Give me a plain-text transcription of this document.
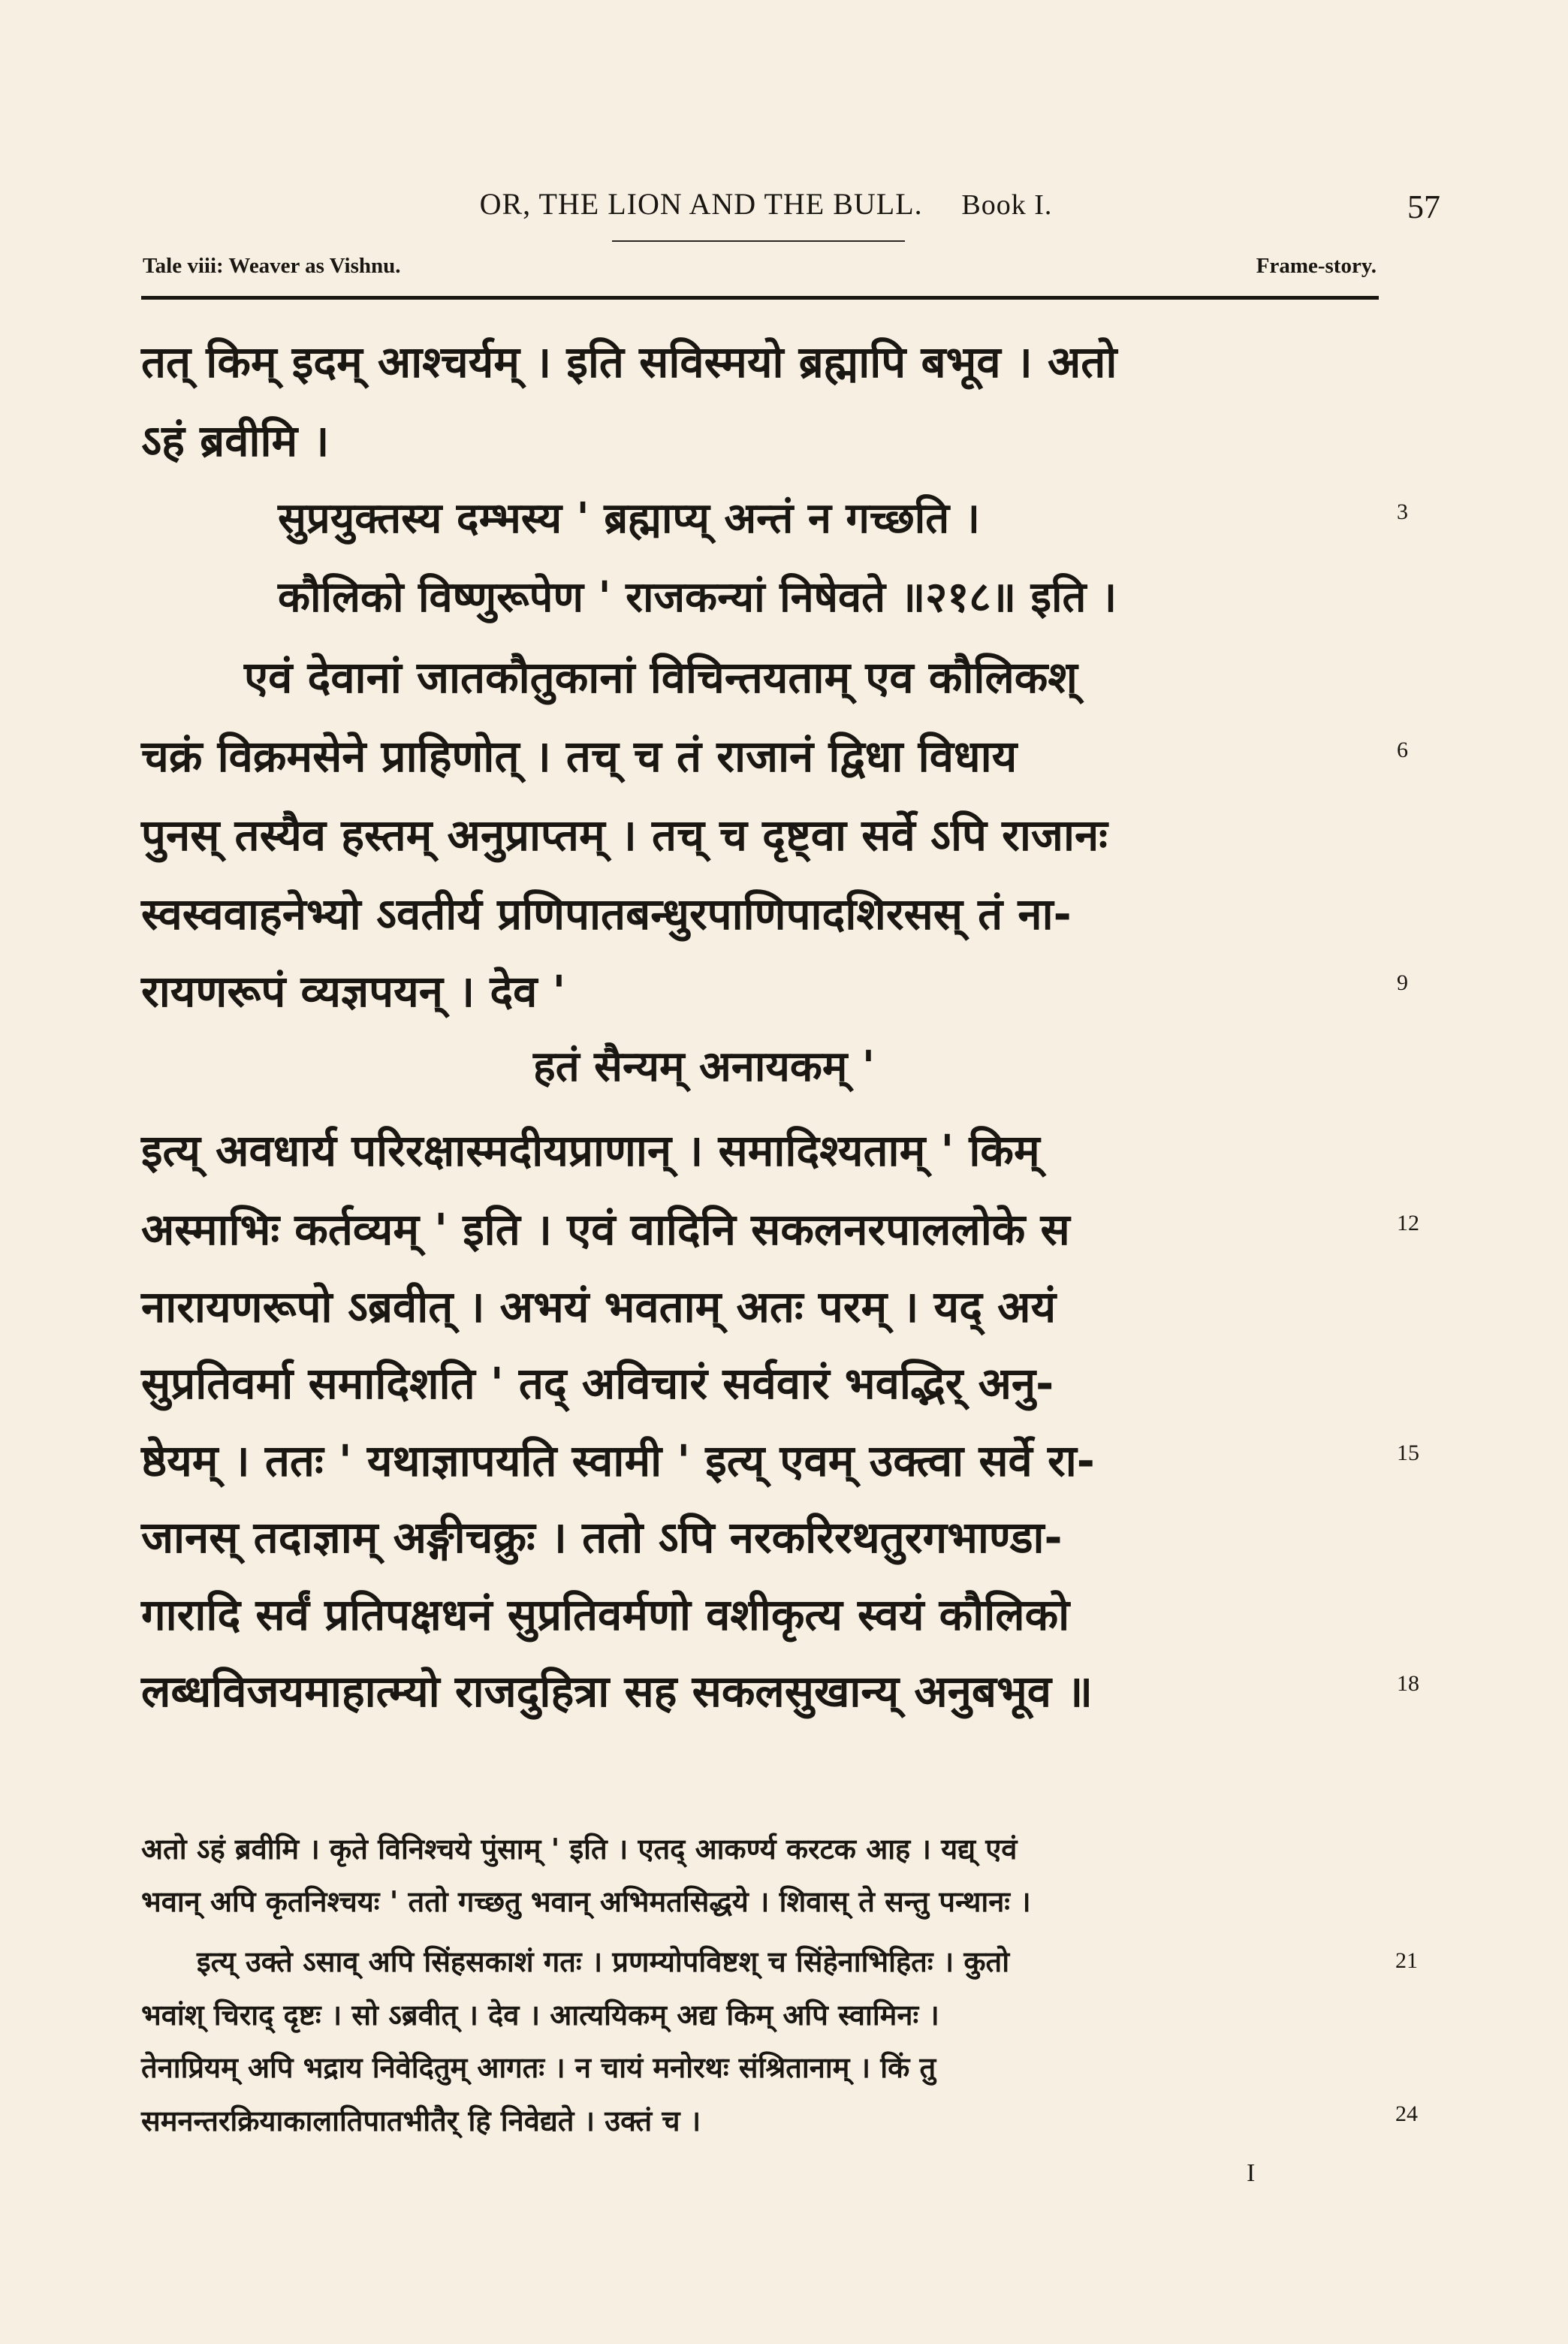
OR, THE LION AND THE BULL. Book I.	57
Tale viii: Weaver as Vishnu.	Frame-story.
तत् किम् इदम् आश्चर्यम् । इति सविस्मयो ब्रह्मापि बभूव । अतो
ऽहं ब्रवीमि ।
सुप्रयुक्तस्य दम्भस्य ' ब्रह्माप्य् अन्तं न गच्छति ।
कौलिको विष्णुरूपेण ' राजकन्यां निषेवते ॥२१८॥ इति ।
एवं देवानां जातकौतुकानां विचिन्तयताम् एव कौलिकश्
चक्रं विक्रमसेने प्राहिणोत् । तच् च तं राजानं द्विधा विधाय
पुनस् तस्यैव हस्तम् अनुप्राप्तम् । तच् च दृष्ट्वा सर्वे ऽपि राजानः
स्वस्ववाहनेभ्यो ऽवतीर्य प्रणिपातबन्धुरपाणिपादशिरसस् तं ना-
रायणरूपं व्यज्ञपयन् । देव '
हतं सैन्यम् अनायकम् '
इत्य् अवधार्य परिरक्षास्मदीयप्राणान् । समादिश्यताम् ' किम्
अस्माभिः कर्तव्यम् ' इति । एवं वादिनि सकलनरपाललोके स
नारायणरूपो ऽब्रवीत् । अभयं भवताम् अतः परम् । यद् अयं
सुप्रतिवर्मा समादिशति ' तद् अविचारं सर्ववारं भवद्भिर् अनु-
ष्ठेयम् । ततः ' यथाज्ञापयति स्वामी ' इत्य् एवम् उक्त्वा सर्वे रा-
जानस् तदाज्ञाम् अङ्गीचक्रुः । ततो ऽपि नरकरिरथतुरगभाण्डा-
गारादि सर्वं प्रतिपक्षधनं सुप्रतिवर्मणो वशीकृत्य स्वयं कौलिको
लब्धविजयमाहात्म्यो राजदुहित्रा सह सकलसुखान्य् अनुबभूव ॥
3
6
9
12
15
18
अतो ऽहं ब्रवीमि । कृते विनिश्चये पुंसाम् ' इति । एतद् आकर्ण्य करटक आह । यद्य् एवं
भवान् अपि कृतनिश्चयः ' ततो गच्छतु भवान् अभिमतसिद्धये । शिवास् ते सन्तु पन्थानः ।
इत्य् उक्ते ऽसाव् अपि सिंहसकाशं गतः । प्रणम्योपविष्टश् च सिंहेनाभिहितः । कुतो
भवांश् चिराद् दृष्टः । सो ऽब्रवीत् । देव । आत्ययिकम् अद्य किम् अपि स्वामिनः ।
तेनाप्रियम् अपि भद्राय निवेदितुम् आगतः । न चायं मनोरथः संश्रितानाम् । किं तु
समनन्तरक्रियाकालातिपातभीतैर् हि निवेद्यते । उक्तं च ।
21
24
I
